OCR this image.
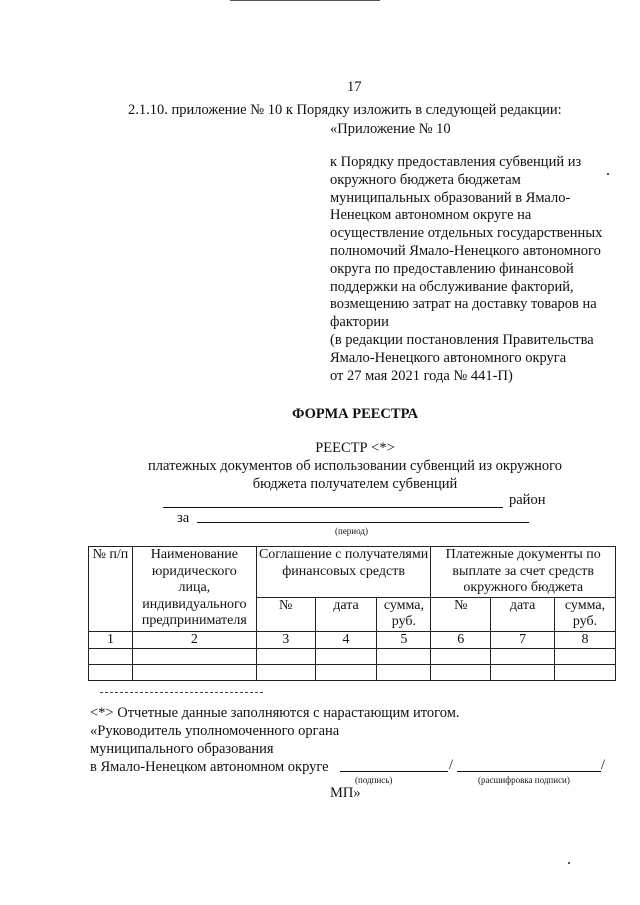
17
2.1.10. приложение № 10 к Порядку изложить в следующей редакции:
«Приложение № 10
к Порядку предоставления субвенций из
окружного бюджета бюджетам
муниципальных образований в Ямало-
Ненецком автономном округе на
осуществление отдельных государственных
полномочий Ямало-Ненецкого автономного
округа по предоставлению финансовой
поддержки на обслуживание факторий,
возмещению затрат на доставку товаров на
фактории
(в редакции постановления Правительства
Ямало-Ненецкого автономного округа
от 27 мая 2021 года № 441-П)
ФОРМА РЕЕСТРА
РЕЕСТР <*>
платежных документов об использовании субвенций из окружного
бюджета получателем субвенций
район
за
(период)
№ п/п	Наименование юридического лица, индивидуального предпринимателя	Соглашение с получателями финансовых средств			Платежные документы по выплате за счет средств окружного бюджета		
		№	дата	сумма, руб.	№	дата	сумма, руб.
1	2	3	4	5	6	7	8

<*> Отчетные данные заполняются с нарастающим итогом.
«Руководитель уполномоченного органа
муниципального образования
в Ямало-Ненецком автономном округе	/	/
(подпись)	(расшифровка подписи)
МП»
